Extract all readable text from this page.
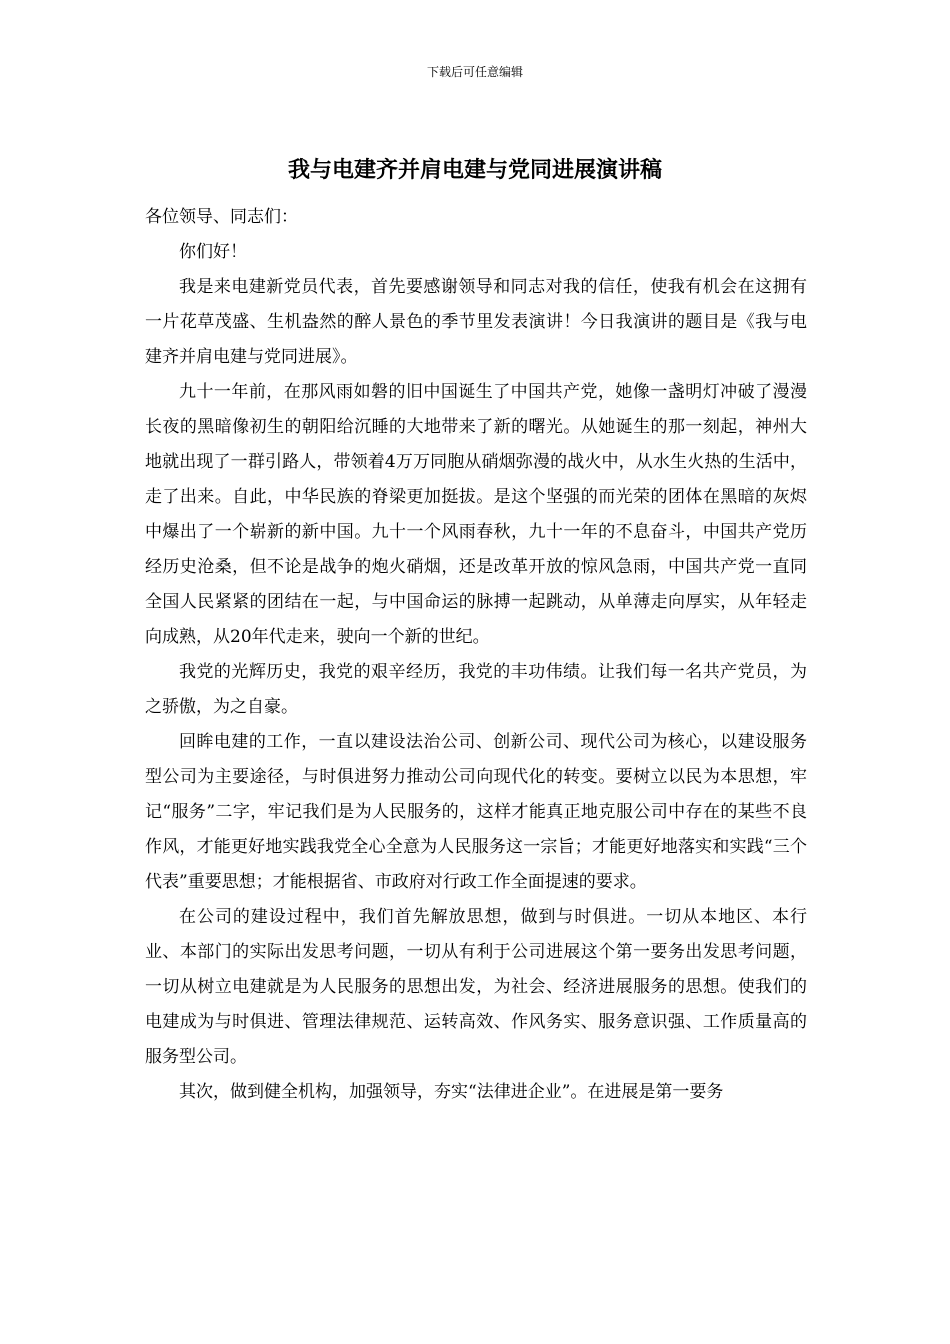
下载后可任意编辑
我与电建齐并肩电建与党同进展演讲稿

各位领导、同志们：

你们好！

我是来电建新党员代表，首先要感谢领导和同志对我的信任，使我有机会在这拥有一片花草茂盛、生机盎然的醉人景色的季节里发表演讲！今日我演讲的题目是《我与电建齐并肩电建与党同进展》。

九十一年前，在那风雨如磐的旧中国诞生了中国共产党，她像一盏明灯冲破了漫漫长夜的黑暗像初生的朝阳给沉睡的大地带来了新的曙光。从她诞生的那一刻起，神州大地就出现了一群引路人，带领着4万万同胞从硝烟弥漫的战火中，从水生火热的生活中，走了出来。自此，中华民族的脊梁更加挺拔。是这个坚强的而光荣的团体在黑暗的灰烬中爆出了一个崭新的新中国。九十一个风雨春秋，九十一年的不息奋斗，中国共产党历经历史沧桑，但不论是战争的炮火硝烟，还是改革开放的惊风急雨，中国共产党一直同全国人民紧紧的团结在一起，与中国命运的脉搏一起跳动，从单薄走向厚实，从年轻走向成熟，从20年代走来，驶向一个新的世纪。

我党的光辉历史，我党的艰辛经历，我党的丰功伟绩。让我们每一名共产党员，为之骄傲，为之自豪。

回眸电建的工作，一直以建设法治公司、创新公司、现代公司为核心，以建设服务型公司为主要途径，与时俱进努力推动公司向现代化的转变。要树立以民为本思想，牢记“服务”二字，牢记我们是为人民服务的，这样才能真正地克服公司中存在的某些不良作风，才能更好地实践我党全心全意为人民服务这一宗旨；才能更好地落实和实践“三个代表”重要思想；才能根据省、市政府对行政工作全面提速的要求。

在公司的建设过程中，我们首先解放思想，做到与时俱进。一切从本地区、本行业、本部门的实际出发思考问题，一切从有利于公司进展这个第一要务出发思考问题，一切从树立电建就是为人民服务的思想出发，为社会、经济进展服务的思想。使我们的电建成为与时俱进、管理法律规范、运转高效、作风务实、服务意识强、工作质量高的服务型公司。

其次，做到健全机构，加强领导，夯实“法律进企业”。在进展是第一要务
